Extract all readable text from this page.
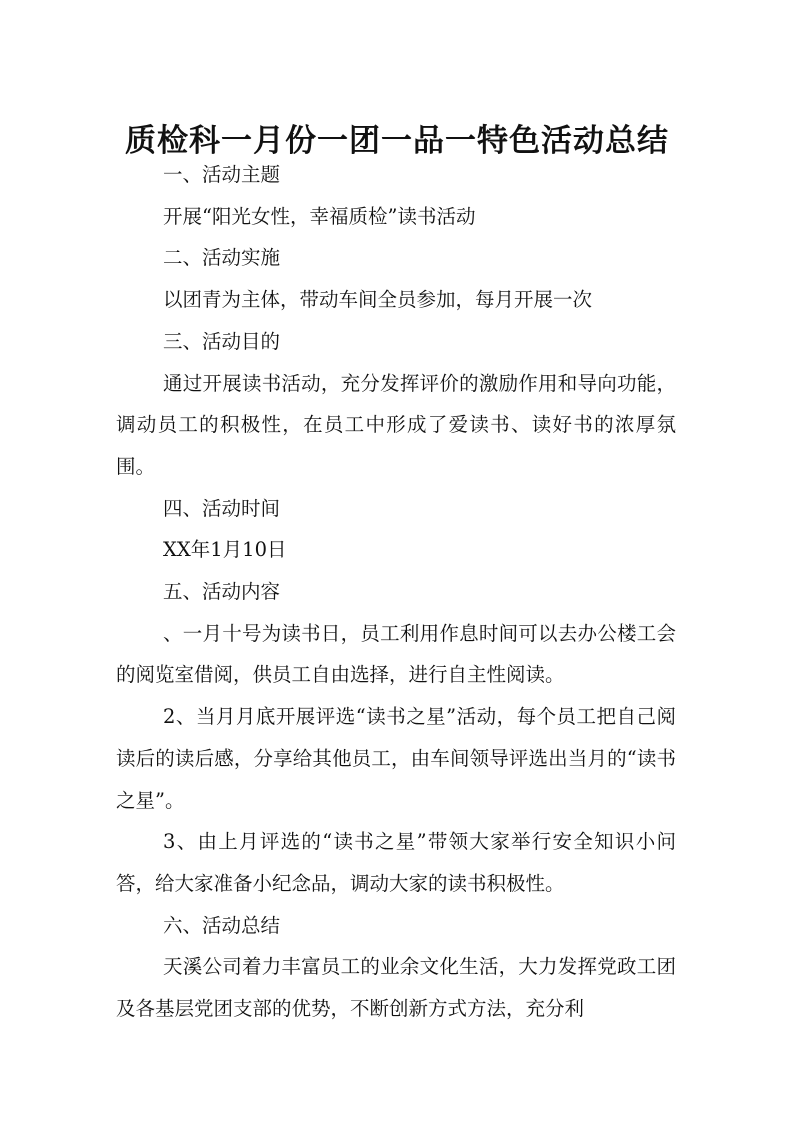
质检科一月份一团一品一特色活动总结

一、活动主题

开展“阳光女性，幸福质检”读书活动

二、活动实施

以团青为主体，带动车间全员参加，每月开展一次

三、活动目的

通过开展读书活动，充分发挥评价的激励作用和导向功能，调动员工的积极性，在员工中形成了爱读书、读好书的浓厚氛围。

四、活动时间

XX年1月10日

五、活动内容

、一月十号为读书日，员工利用作息时间可以去办公楼工会的阅览室借阅，供员工自由选择，进行自主性阅读。

2、当月月底开展评选“读书之星”活动，每个员工把自己阅读后的读后感，分享给其他员工，由车间领导评选出当月的“读书之星”。

3、由上月评选的“读书之星”带领大家举行安全知识小问答，给大家准备小纪念品，调动大家的读书积极性。

六、活动总结

天溪公司着力丰富员工的业余文化生活，大力发挥党政工团及各基层党团支部的优势，不断创新方式方法，充分利
